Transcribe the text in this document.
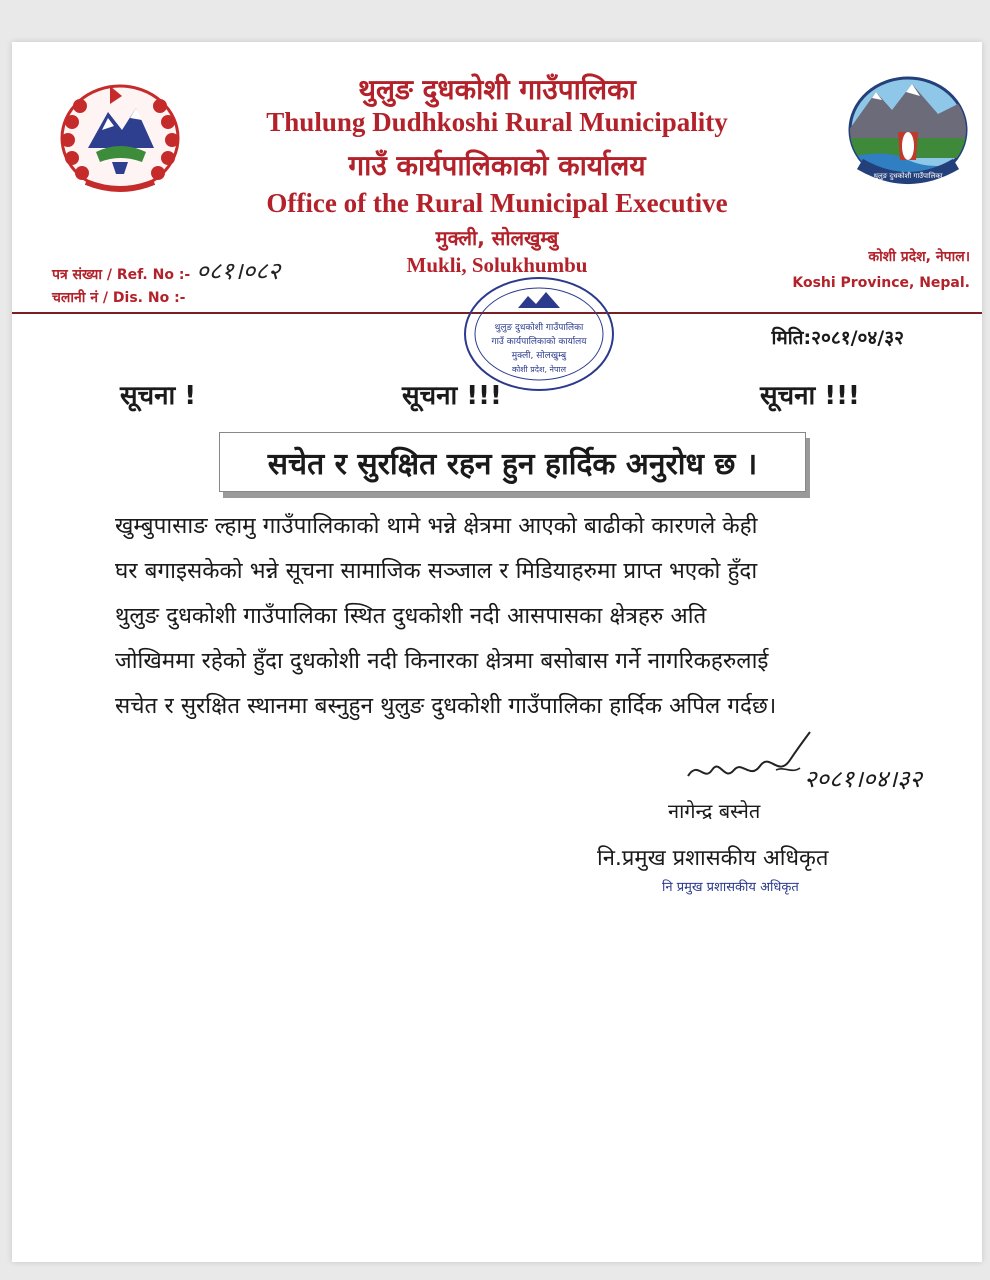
थुलुङ दुधकोशी गाउँपालिका
थुलुङ दुधकोशी गाउँपालिका
Thulung Dudhkoshi Rural Municipality
गाउँ कार्यपालिकाको कार्यालय
Office of the Rural Municipal Executive
मुक्ली, सोलखुम्बु
Mukli, Solukhumbu	कोशी प्रदेश, नेपाल।
Koshi Province, Nepal.
पत्र संख्या / Ref. No :- ०८१।०८२
चलानी नं / Dis. No :-
थुलुङ दुधकोशी गाउँपालिका
गाउँ कार्यपालिकाको कार्यालय
मुक्ली, सोलखुम्बु
कोशी प्रदेश, नेपाल
मिति:२०८१/०४/३२
सूचना !	सूचना !!!	सूचना !!!
सचेत र सुरक्षित रहन हुन हार्दिक अनुरोध छ ।
खुम्बुपासाङ ल्हामु गाउँपालिकाको थामे भन्ने क्षेत्रमा आएको बाढीको कारणले केही
घर बगाइसकेको भन्ने सूचना सामाजिक सञ्जाल र मिडियाहरुमा प्राप्त भएको हुँदा
थुलुङ दुधकोशी गाउँपालिका स्थित दुधकोशी नदी आसपासका क्षेत्रहरु अति
जोखिममा रहेको हुँदा दुधकोशी नदी किनारका क्षेत्रमा बसोबास गर्ने नागरिकहरुलाई
सचेत र सुरक्षित स्थानमा बस्नुहुन थुलुङ दुधकोशी गाउँपालिका हार्दिक अपिल गर्दछ।
२०८१।०४।३२
नागेन्द्र बस्नेत
नि.प्रमुख प्रशासकीय अधिकृत
नि प्रमुख प्रशासकीय अधिकृत
